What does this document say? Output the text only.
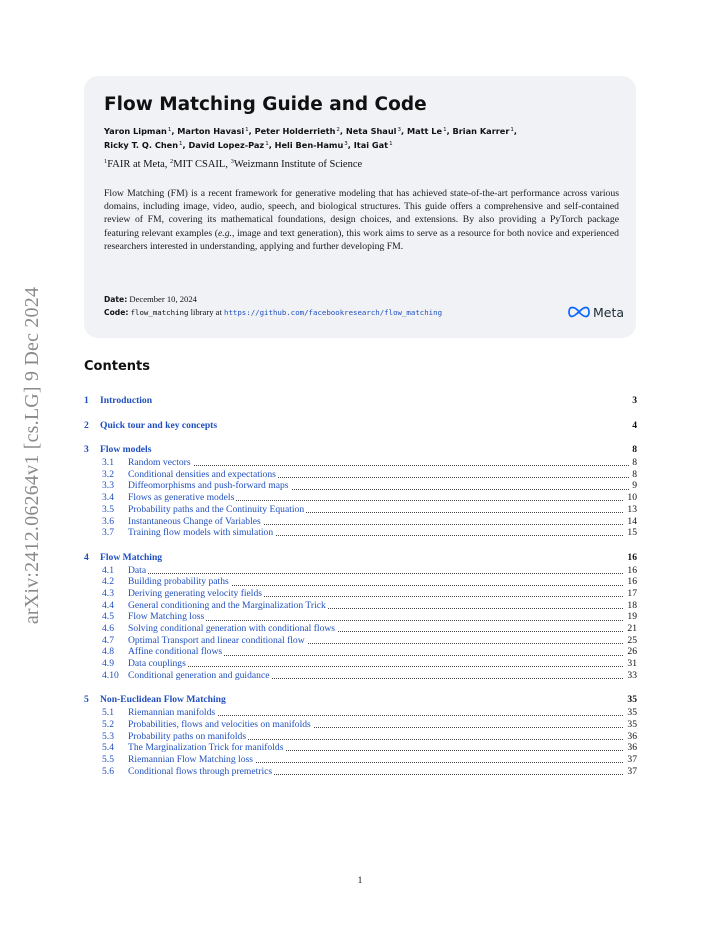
arXiv:2412.06264v1 [cs.LG] 9 Dec 2024
Flow Matching Guide and Code
Yaron Lipman$^1$, Marton Havasi$^1$, Peter Holderrieth$^2$, Neta Shaul$^3$, Matt Le$^1$, Brian Karrer$^1$,
Ricky T. Q. Chen$^1$, David Lopez-Paz$^1$, Heli Ben-Hamu$^3$, Itai Gat$^1$
$^1$FAIR at Meta, $^2$MIT CSAIL, $^3$Weizmann Institute of Science
Flow Matching (FM) is a recent framework for generative modeling that has achieved state-of-the-art performance across various domains, including image, video, audio, speech, and biological structures. This guide offers a comprehensive and self-contained review of FM, covering its mathematical foundations, design choices, and extensions. By also providing a PyTorch package featuring relevant examples (e.g., image and text generation), this work aims to serve as a resource for both novice and experienced researchers interested in understanding, applying and further developing FM.
Date: December 10, 2024
Code: flow_matching library at https://github.com/facebookresearch/flow_matching	Meta
Contents
1 Introduction	3
2 Quick tour and key concepts	4
3 Flow models	8
3.1 Random vectors	8
3.2 Conditional densities and expectations	8
3.3 Diffeomorphisms and push-forward maps	9
3.4 Flows as generative models	10
3.5 Probability paths and the Continuity Equation	13
3.6 Instantaneous Change of Variables	14
3.7 Training flow models with simulation	15
4 Flow Matching	16
4.1 Data	16
4.2 Building probability paths	16
4.3 Deriving generating velocity fields	17
4.4 General conditioning and the Marginalization Trick	18
4.5 Flow Matching loss	19
4.6 Solving conditional generation with conditional flows	21
4.7 Optimal Transport and linear conditional flow	25
4.8 Affine conditional flows	26
4.9 Data couplings	31
4.10 Conditional generation and guidance	33
5 Non-Euclidean Flow Matching	35
5.1 Riemannian manifolds	35
5.2 Probabilities, flows and velocities on manifolds	35
5.3 Probability paths on manifolds	36
5.4 The Marginalization Trick for manifolds	36
5.5 Riemannian Flow Matching loss	37
5.6 Conditional flows through premetrics	37
1
